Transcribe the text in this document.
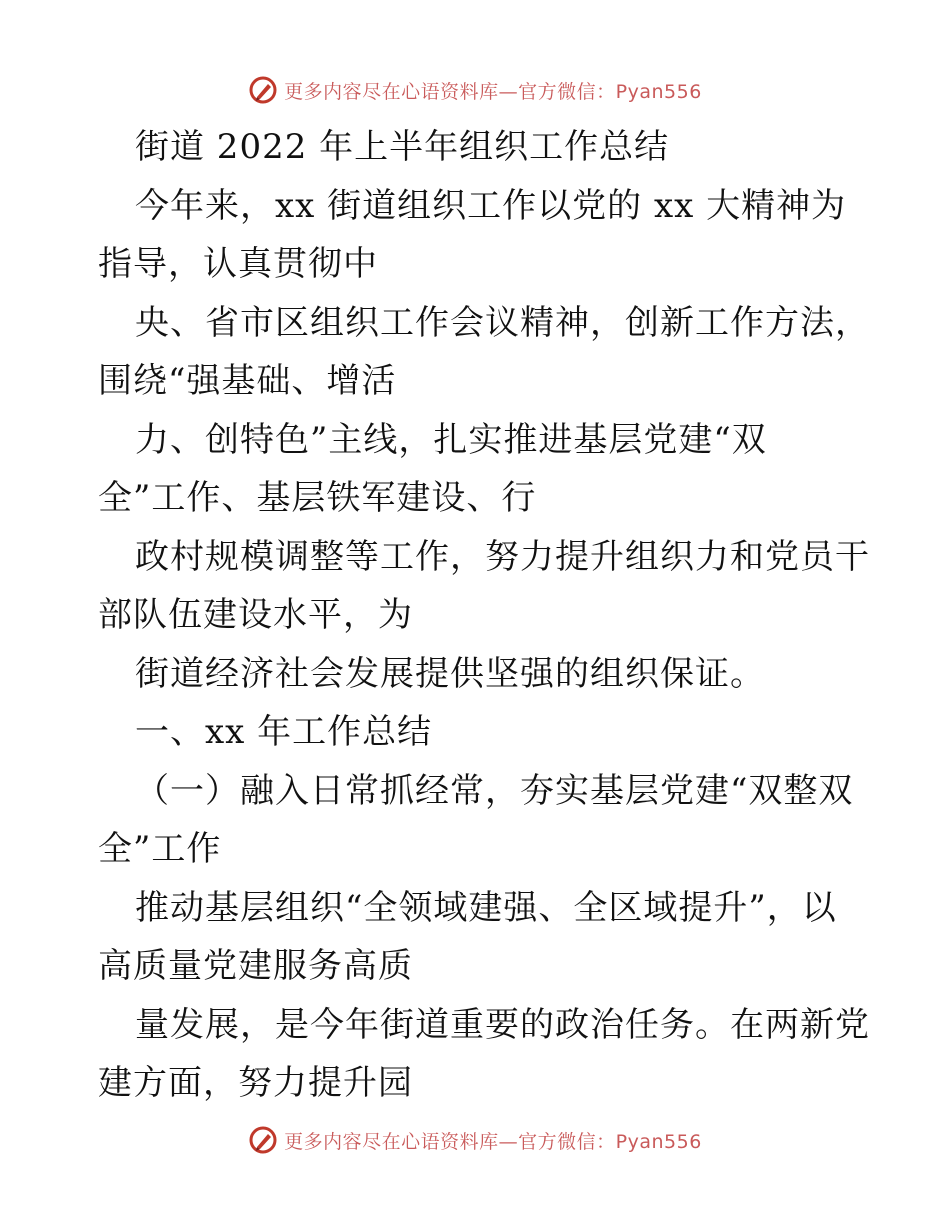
更多内容尽在心语资料库—官方微信：Pyan556
街道 2022 年上半年组织工作总结
今年来，xx 街道组织工作以党的 xx 大精神为
指导，认真贯彻中
央、省市区组织工作会议精神，创新工作方法，
围绕“强基础、增活
力、创特色”主线，扎实推进基层党建“双
全”工作、基层铁军建设、行
政村规模调整等工作，努力提升组织力和党员干
部队伍建设水平，为
街道经济社会发展提供坚强的组织保证。
一、xx 年工作总结
（一）融入日常抓经常，夯实基层党建“双整双
全”工作
推动基层组织“全领域建强、全区域提升”，以
高质量党建服务高质
量发展，是今年街道重要的政治任务。在两新党
建方面，努力提升园
更多内容尽在心语资料库—官方微信：Pyan556
